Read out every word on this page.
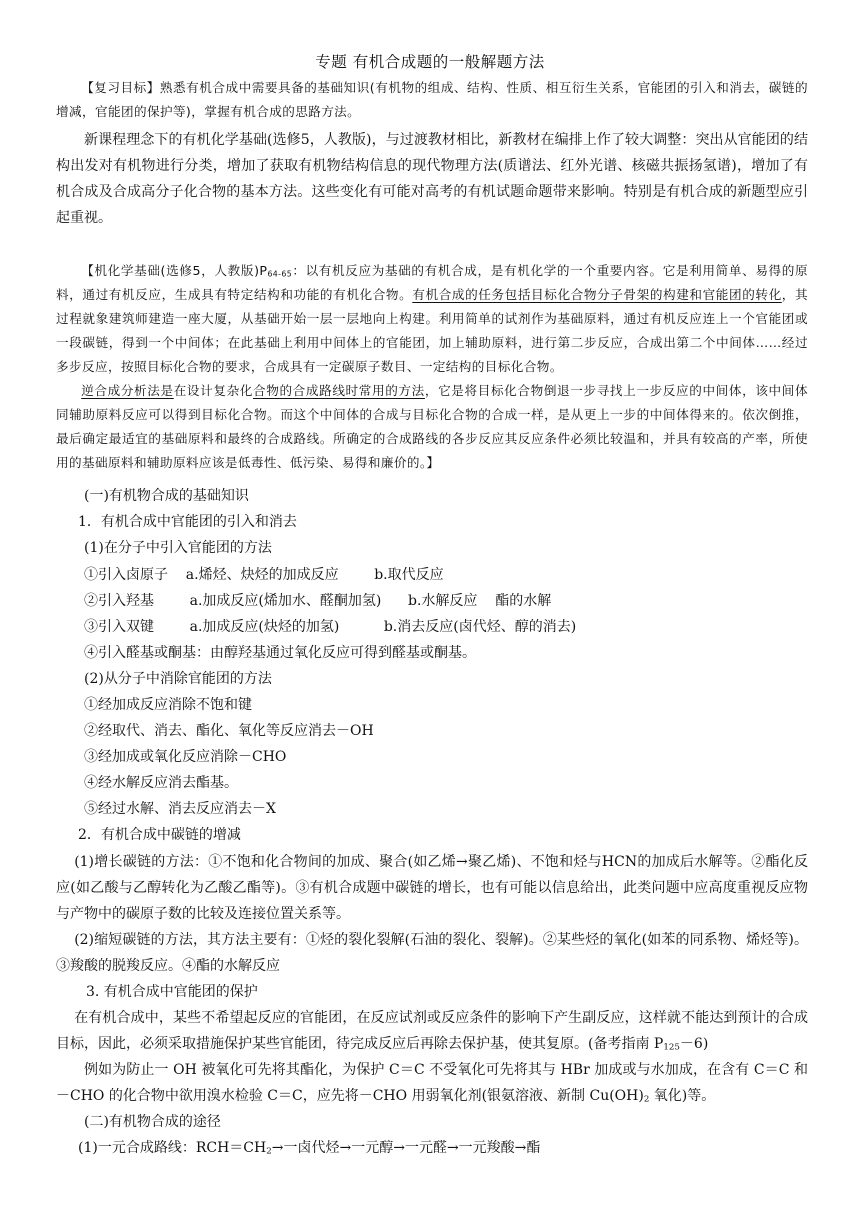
专题 有机合成题的一般解题方法
【复习目标】熟悉有机合成中需要具备的基础知识(有机物的组成、结构、性质、相互衍生关系，官能团的引入和消去，碳链的增减，官能团的保护等)，掌握有机合成的思路方法。
新课程理念下的有机化学基础(选修5，人教版)，与过渡教材相比，新教材在编排上作了较大调整：突出从官能团的结构出发对有机物进行分类，增加了获取有机物结构信息的现代物理方法(质谱法、红外光谱、核磁共振扬氢谱)，增加了有机合成及合成高分子化合物的基本方法。这些变化有可能对高考的有机试题命题带来影响。特别是有机合成的新题型应引起重视。

【机化学基础(选修5，人教版)$P_{64-65}$：以有机反应为基础的有机合成，是有机化学的一个重要内容。它是利用简单、易得的原料，通过有机反应，生成具有特定结构和功能的有机化合物。有机合成的任务包括目标化合物分子骨架的构建和官能团的转化，其过程就象建筑师建造一座大厦，从基础开始一层一层地向上构建。利用简单的试剂作为基础原料，通过有机反应连上一个官能团或一段碳链，得到一个中间体；在此基础上利用中间体上的官能团，加上辅助原料，进行第二步反应，合成出第二个中间体……经过多步反应，按照目标化合物的要求，合成具有一定碳原子数目、一定结构的目标化合物。

逆合成分析法是在设计复杂化合物的合成路线时常用的方法，它是将目标化合物倒退一步寻找上一步反应的中间体，该中间体同辅助原料反应可以得到目标化合物。而这个中间体的合成与目标化合物的合成一样，是从更上一步的中间体得来的。依次倒推，最后确定最适宜的基础原料和最终的合成路线。所确定的合成路线的各步反应其反应条件必须比较温和，并具有较高的产率，所使用的基础原料和辅助原料应该是低毒性、低污染、易得和廉价的。】

(一)有机物合成的基础知识
1．有机合成中官能团的引入和消去
(1)在分子中引入官能团的方法
①引入卤原子    a.烯烃、炔烃的加成反应        b.取代反应
②引入羟基        a.加成反应(烯加水、醛酮加氢)      b.水解反应    酯的水解
③引入双键        a.加成反应(炔烃的加氢)          b.消去反应(卤代烃、醇的消去)
④引入醛基或酮基：由醇羟基通过氧化反应可得到醛基或酮基。
(2)从分子中消除官能团的方法
①经加成反应消除不饱和键
②经取代、消去、酯化、氧化等反应消去－OH
③经加成或氧化反应消除－CHO
④经水解反应消去酯基。
⑤经过水解、消去反应消去－X
2．有机合成中碳链的增减
(1)增长碳链的方法：①不饱和化合物间的加成、聚合(如乙烯→聚乙烯)、不饱和烃与HCN的加成后水解等。②酯化反应(如乙酸与乙醇转化为乙酸乙酯等)。③有机合成题中碳链的增长，也有可能以信息给出，此类问题中应高度重视反应物与产物中的碳原子数的比较及连接位置关系等。
(2)缩短碳链的方法，其方法主要有：①烃的裂化裂解(石油的裂化、裂解)。②某些烃的氧化(如苯的同系物、烯烃等)。③羧酸的脱羧反应。④酯的水解反应
3. 有机合成中官能团的保护
在有机合成中，某些不希望起反应的官能团，在反应试剂或反应条件的影响下产生副反应，这样就不能达到预计的合成目标，因此，必须采取措施保护某些官能团，待完成反应后再除去保护基，使其复原。(备考指南 $P_{125}-6$)
例如为防止一 OH 被氧化可先将其酯化，为保护 C＝C 不受氧化可先将其与 HBr 加成或与水加成，在含有 C＝C 和－CHO 的化合物中欲用溴水检验 C＝C，应先将－CHO 用弱氧化剂(银氨溶液、新制 $Cu(OH)_2$ 氧化)等。
(二)有机物合成的途径
(1)一元合成路线：$RCH=CH_2\to$一卤代烃→一元醇→一元醛→一元羧酸→酯
